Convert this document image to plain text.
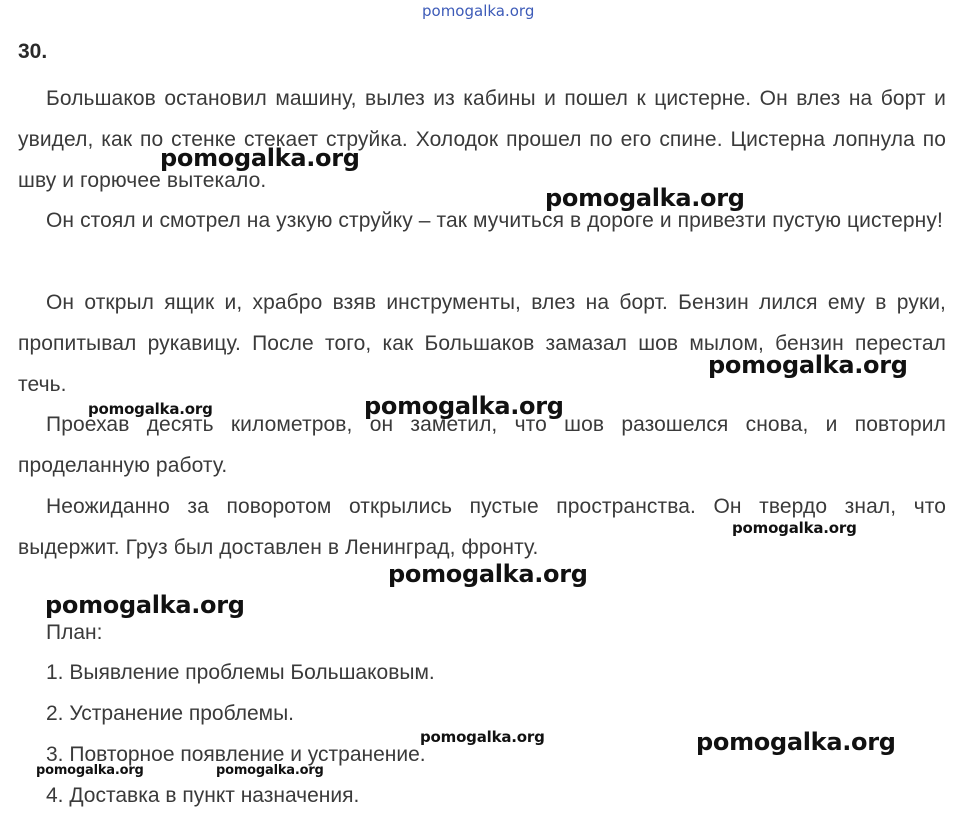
pomogalka.org
30.

Большаков остановил машину, вылез из кабины и пошел к цистерне. Он влез на борт и увидел, как по стенке стекает струйка. Холодок прошел по его спине. Цистерна лопнула по шву и горючее вытекало.

Он стоял и смотрел на узкую струйку – так мучиться в дороге и привезти пустую цистерну!

Он открыл ящик и, храбро взяв инструменты, влез на борт. Бензин лился ему в руки, пропитывал рукавицу. После того, как Большаков замазал шов мылом, бензин перестал течь.

Проехав десять километров, он заметил, что шов разошелся снова, и повторил проделанную работу.

Неожиданно за поворотом открылись пустые пространства. Он твердо знал, что выдержит. Груз был доставлен в Ленинград, фронту.

План:

1. Выявление проблемы Большаковым.

2. Устранение проблемы.

3. Повторное появление и устранение.

4. Доставка в пункт назначения.

pomogalka.org
pomogalka.org
pomogalka.org
pomogalka.org	pomogalka.org
pomogalka.org
pomogalka.org
pomogalka.org
pomogalka.org	pomogalka.org
pomogalka.org	pomogalka.org
